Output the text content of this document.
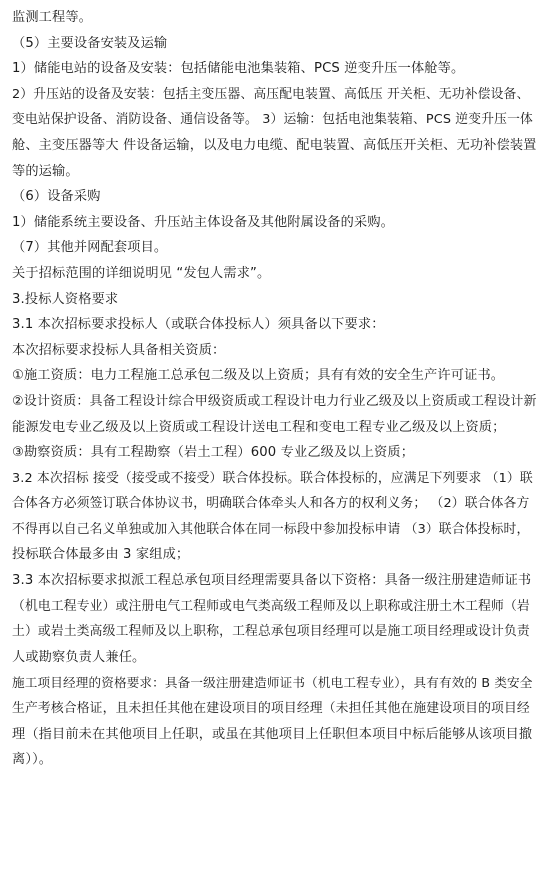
监测工程等。
（5）主要设备安装及运输
1）储能电站的设备及安装：包括储能电池集装箱、PCS 逆变升压一体舱等。
2）升压站的设备及安装：包括主变压器、高压配电装置、高低压 开关柜、无功补偿设备、
变电站保护设备、消防设备、通信设备等。 3）运输：包括电池集装箱、PCS 逆变升压一体
舱、主变压器等大 件设备运输，以及电力电缆、配电装置、高低压开关柜、无功补偿装置
等的运输。
（6）设备采购
1）储能系统主要设备、升压站主体设备及其他附属设备的采购。
（7）其他并网配套项目。
关于招标范围的详细说明见 “发包人需求”。
3.投标人资格要求
3.1 本次招标要求投标人（或联合体投标人）须具备以下要求：
本次招标要求投标人具备相关资质：
①施工资质：电力工程施工总承包二级及以上资质；具有有效的安全生产许可证书。
②设计资质：具备工程设计综合甲级资质或工程设计电力行业乙级及以上资质或工程设计新
能源发电专业乙级及以上资质或工程设计送电工程和变电工程专业乙级及以上资质；
③勘察资质：具有工程勘察（岩土工程）600 专业乙级及以上资质；
3.2 本次招标 接受（接受或不接受）联合体投标。联合体投标的，应满足下列要求 （1）联
合体各方必须签订联合体协议书，明确联合体牵头人和各方的权利义务； （2）联合体各方
不得再以自己名义单独或加入其他联合体在同一标段中参加投标申请 （3）联合体投标时，
投标联合体最多由 3 家组成；
3.3 本次招标要求拟派工程总承包项目经理需要具备以下资格：具备一级注册建造师证书
（机电工程专业）或注册电气工程师或电气类高级工程师及以上职称或注册土木工程师（岩
土）或岩土类高级工程师及以上职称，工程总承包项目经理可以是施工项目经理或设计负责
人或勘察负责人兼任。
施工项目经理的资格要求：具备一级注册建造师证书（机电工程专业），具有有效的 B 类安全
生产考核合格证，且未担任其他在建设项目的项目经理（未担任其他在施建设项目的项目经
理（指目前未在其他项目上任职，或虽在其他项目上任职但本项目中标后能够从该项目撤
离））。
